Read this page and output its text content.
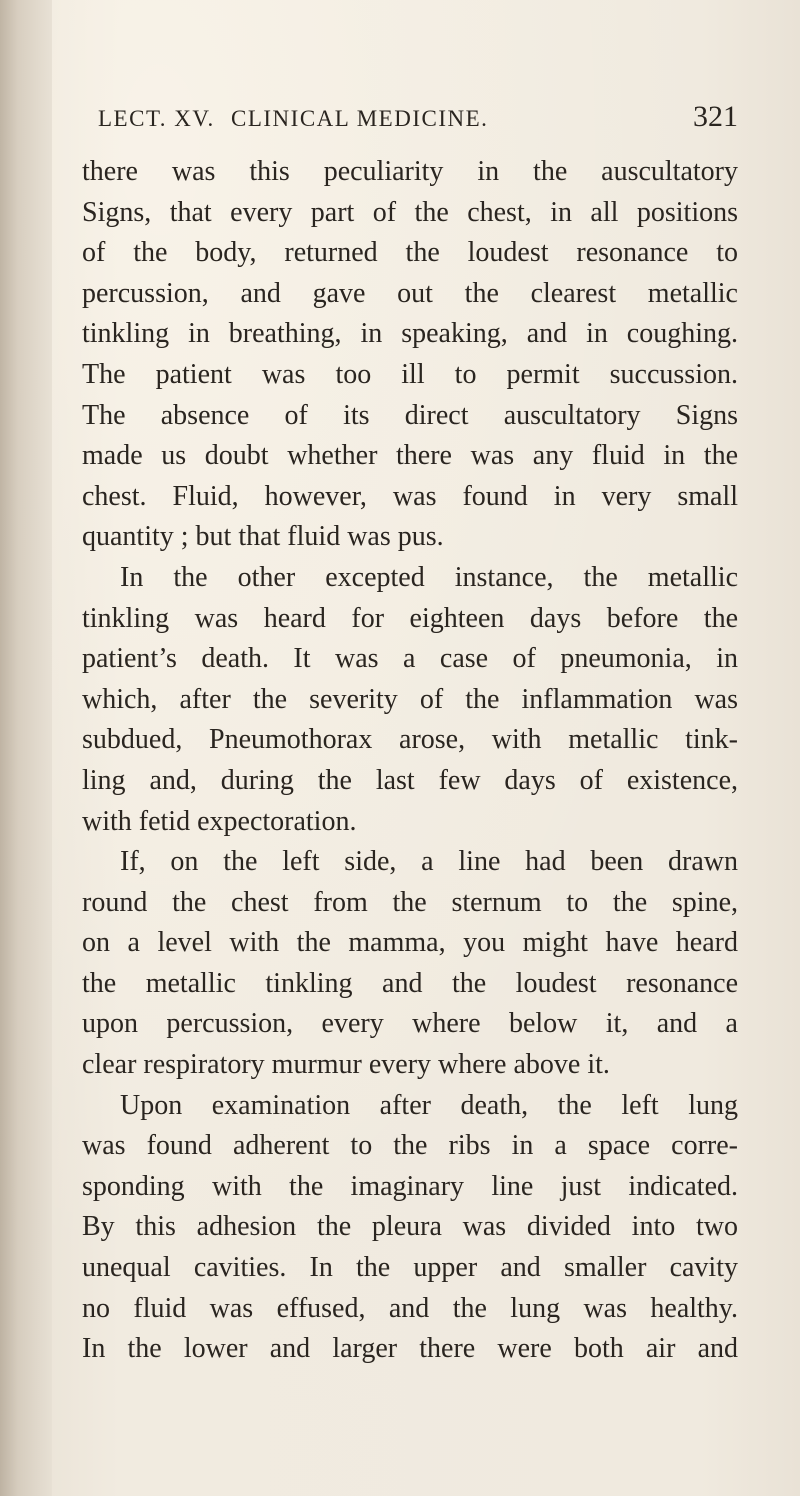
LECT. XV. CLINICAL MEDICINE.	321
there was this peculiarity in the auscultatory
Signs, that every part of the chest, in all positions
of the body, returned the loudest resonance to
percussion, and gave out the clearest metallic
tinkling in breathing, in speaking, and in coughing.
The patient was too ill to permit succussion.
The absence of its direct auscultatory Signs
made us doubt whether there was any fluid in the
chest. Fluid, however, was found in very small
quantity ; but that fluid was pus.
In the other excepted instance, the metallic
tinkling was heard for eighteen days before the
patient’s death. It was a case of pneumonia, in
which, after the severity of the inflammation was
subdued, Pneumothorax arose, with metallic tink-
ling and, during the last few days of existence,
with fetid expectoration.
If, on the left side, a line had been drawn
round the chest from the sternum to the spine,
on a level with the mamma, you might have heard
the metallic tinkling and the loudest resonance
upon percussion, every where below it, and a
clear respiratory murmur every where above it.
Upon examination after death, the left lung
was found adherent to the ribs in a space corre-
sponding with the imaginary line just indicated.
By this adhesion the pleura was divided into two
unequal cavities. In the upper and smaller cavity
no fluid was effused, and the lung was healthy.
In the lower and larger there were both air and
